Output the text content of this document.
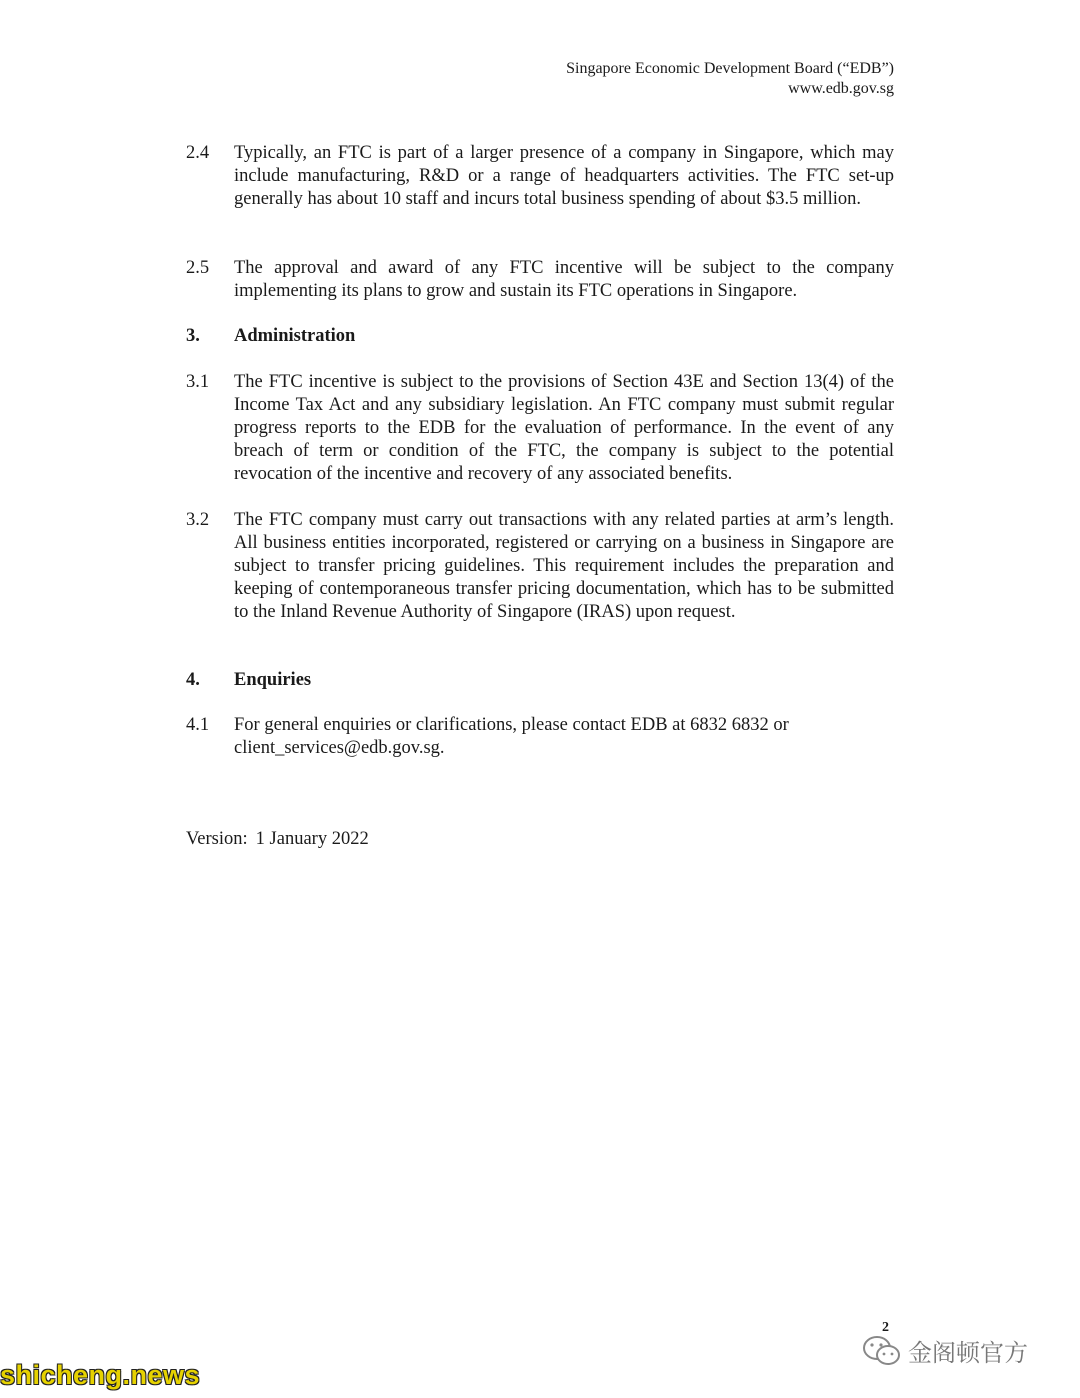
Singapore Economic Development Board (“EDB”)
www.edb.gov.sg
2.4 Typically, an FTC is part of a larger presence of a company in Singapore, which may include manufacturing, R&D or a range of headquarters activities. The FTC set-up generally has about 10 staff and incurs total business spending of about $3.5 million.
2.5 The approval and award of any FTC incentive will be subject to the company implementing its plans to grow and sustain its FTC operations in Singapore.
3. Administration
3.1 The FTC incentive is subject to the provisions of Section 43E and Section 13(4) of the Income Tax Act and any subsidiary legislation. An FTC company must submit regular progress reports to the EDB for the evaluation of performance. In the event of any breach of term or condition of the FTC, the company is subject to the potential revocation of the incentive and recovery of any associated benefits.
3.2 The FTC company must carry out transactions with any related parties at arm’s length. All business entities incorporated, registered or carrying on a business in Singapore are subject to transfer pricing guidelines. This requirement includes the preparation and keeping of contemporaneous transfer pricing documentation, which has to be submitted to the Inland Revenue Authority of Singapore (IRAS) upon request.
4. Enquiries
4.1 For general enquiries or clarifications, please contact EDB at 6832 6832 or client_services@edb.gov.sg.
Version: 1 January 2022
2
shicheng.news
金阁顿官方
